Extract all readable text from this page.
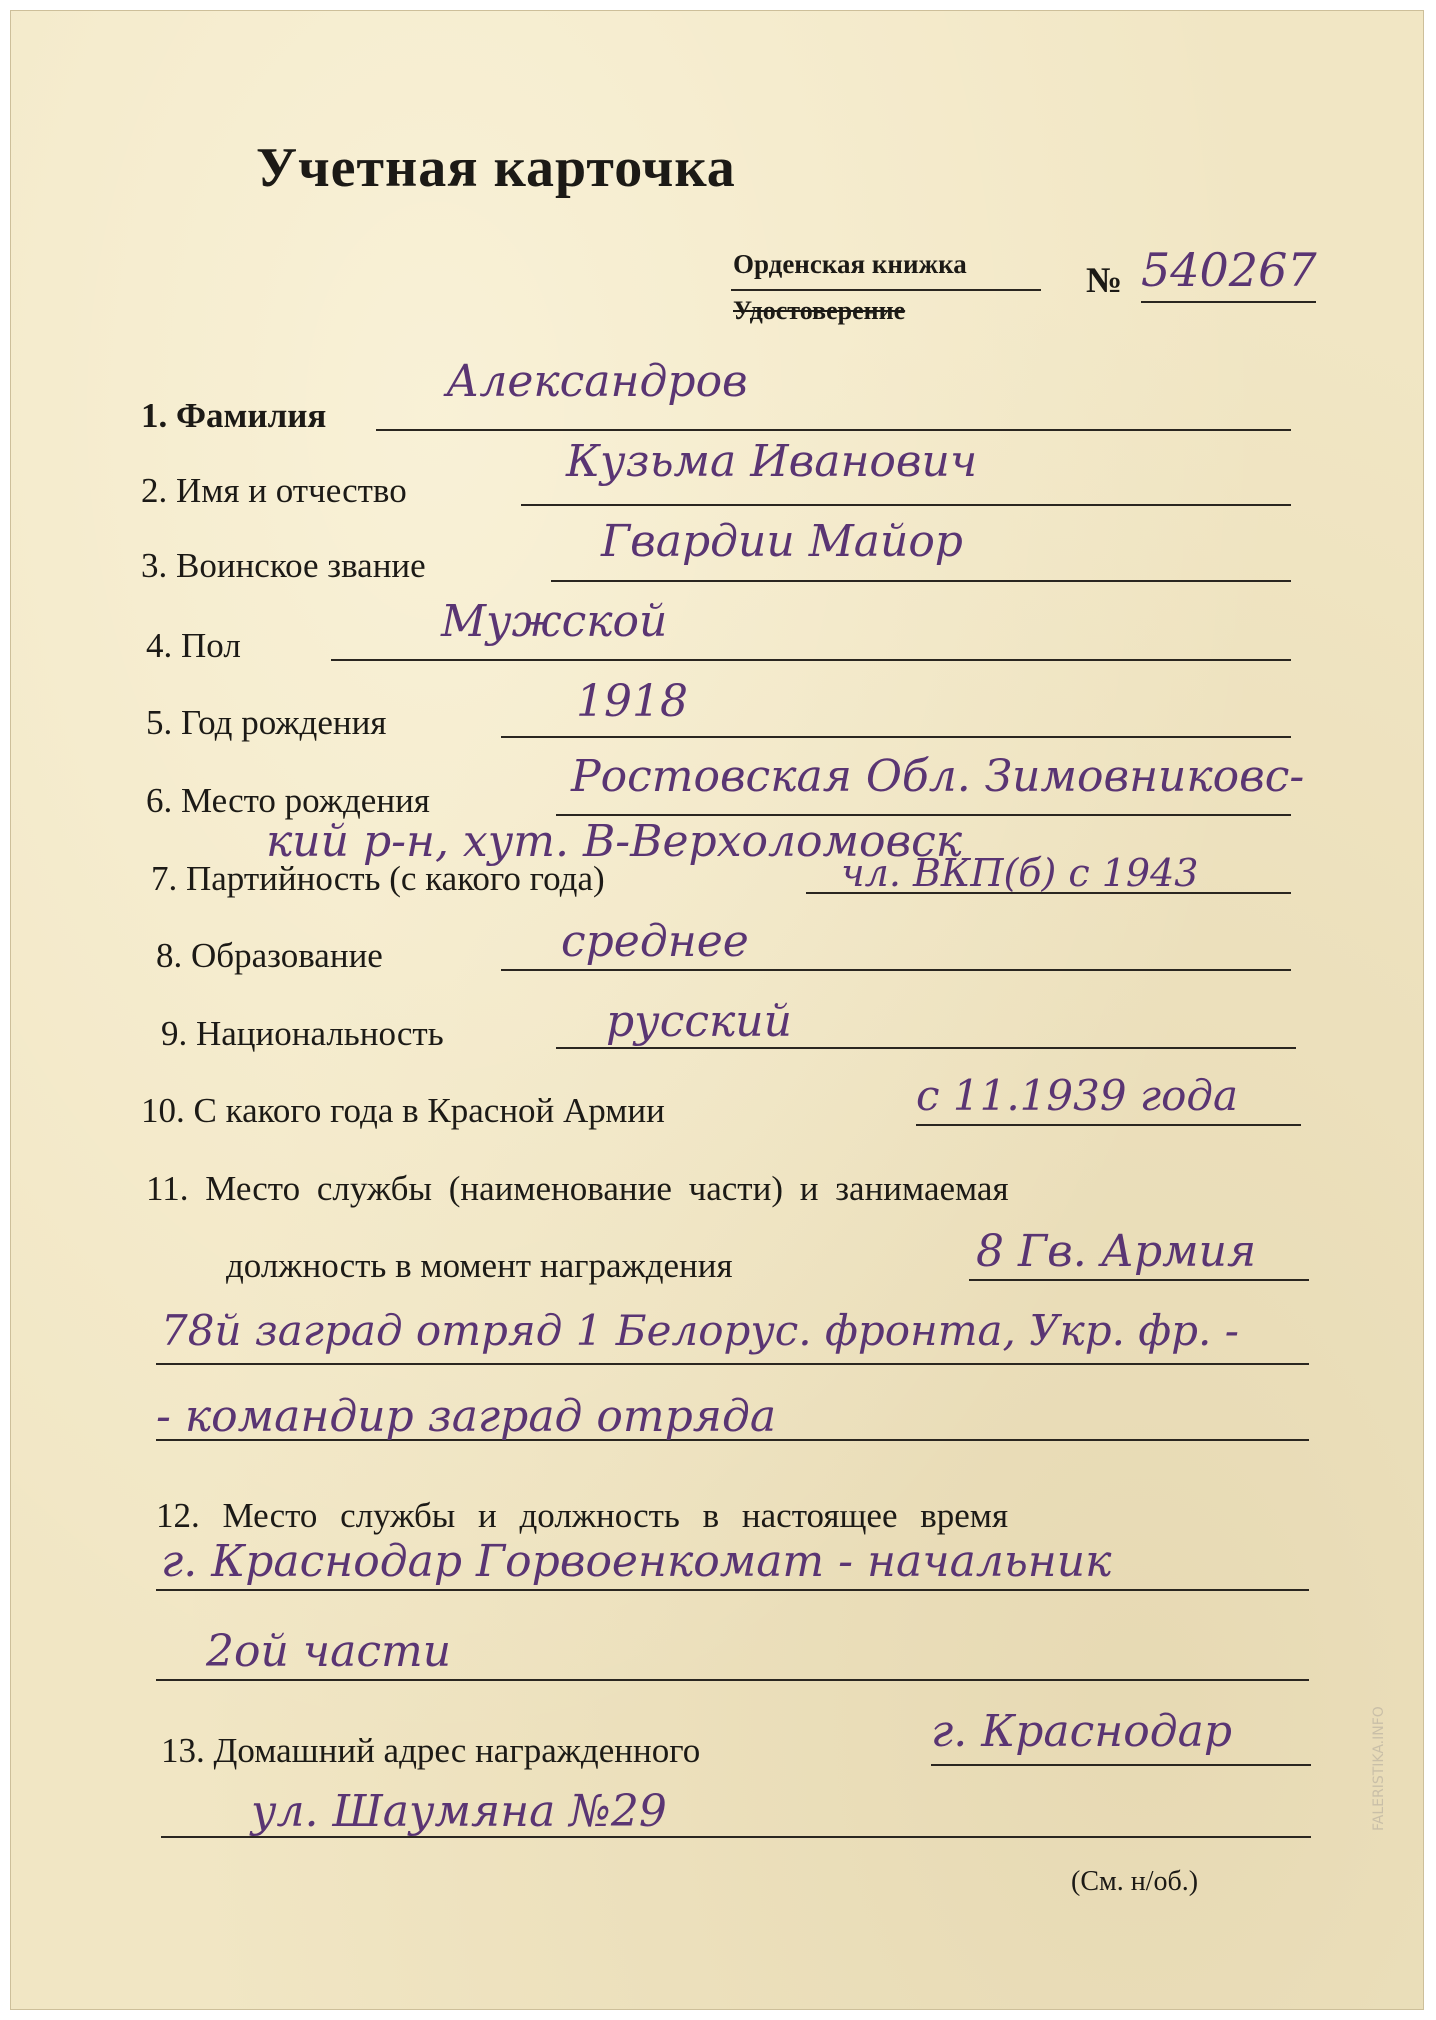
Учетная карточка
Орденская книжка
Удостоверение
№ 540267
1. Фамилия
Александров
2. Имя и отчество
Кузьма Иванович
3. Воинское звание	Гвардии Майор
4. Пол	Мужской
5. Год рождения	1918
6. Место рождения	Ростовская Обл. Зимовниковс-
кий р-н, хут. В-Верхоломовск
7. Партийность (с какого года)	чл. ВКП(б) с 1943
8. Образование	среднее
9. Национальность	русский
10. С какого года в Красной Армии	с 11.1939 года
11. Место службы (наименование части) и занимаемая
должность в момент награждения	8 Гв. Армия
78й заград отряд 1 Белорус. фронта, Укр. фр. -
- командир заград отряда
12. Место службы и должность в настоящее время
г. Краснодар Горвоенкомат - начальник
2ой части
13. Домашний адрес награжденного	г. Краснодар
ул. Шаумяна №29
(См. н/об.)
FALERISTIKA.INFO
